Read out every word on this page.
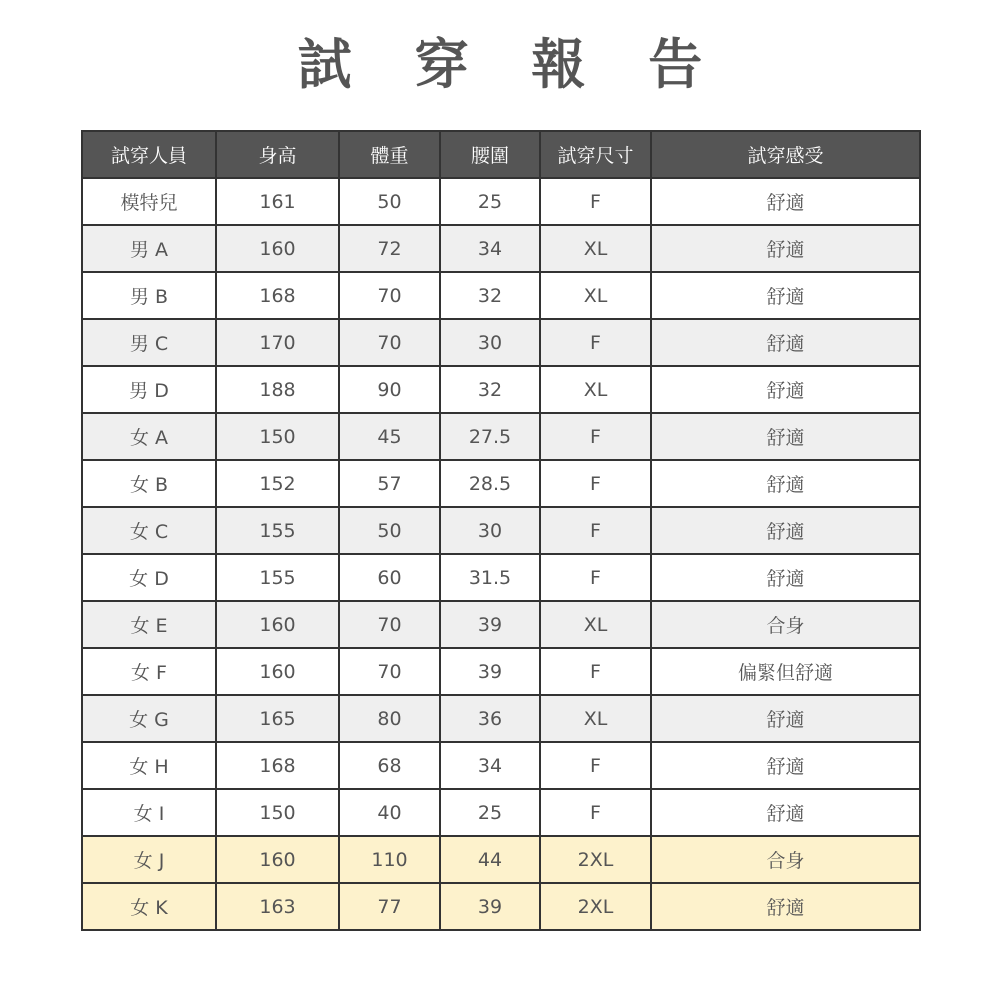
試 穿 報 告
試穿人員	身高	體重	腰圍	試穿尺寸	試穿感受
模特兒	161	50	25	F	舒適
男 A	160	72	34	XL	舒適
男 B	168	70	32	XL	舒適
男 C	170	70	30	F	舒適
男 D	188	90	32	XL	舒適
女 A	150	45	27.5	F	舒適
女 B	152	57	28.5	F	舒適
女 C	155	50	30	F	舒適
女 D	155	60	31.5	F	舒適
女 E	160	70	39	XL	合身
女 F	160	70	39	F	偏緊但舒適
女 G	165	80	36	XL	舒適
女 H	168	68	34	F	舒適
女 I	150	40	25	F	舒適
女 J	160	110	44	2XL	合身
女 K	163	77	39	2XL	舒適
